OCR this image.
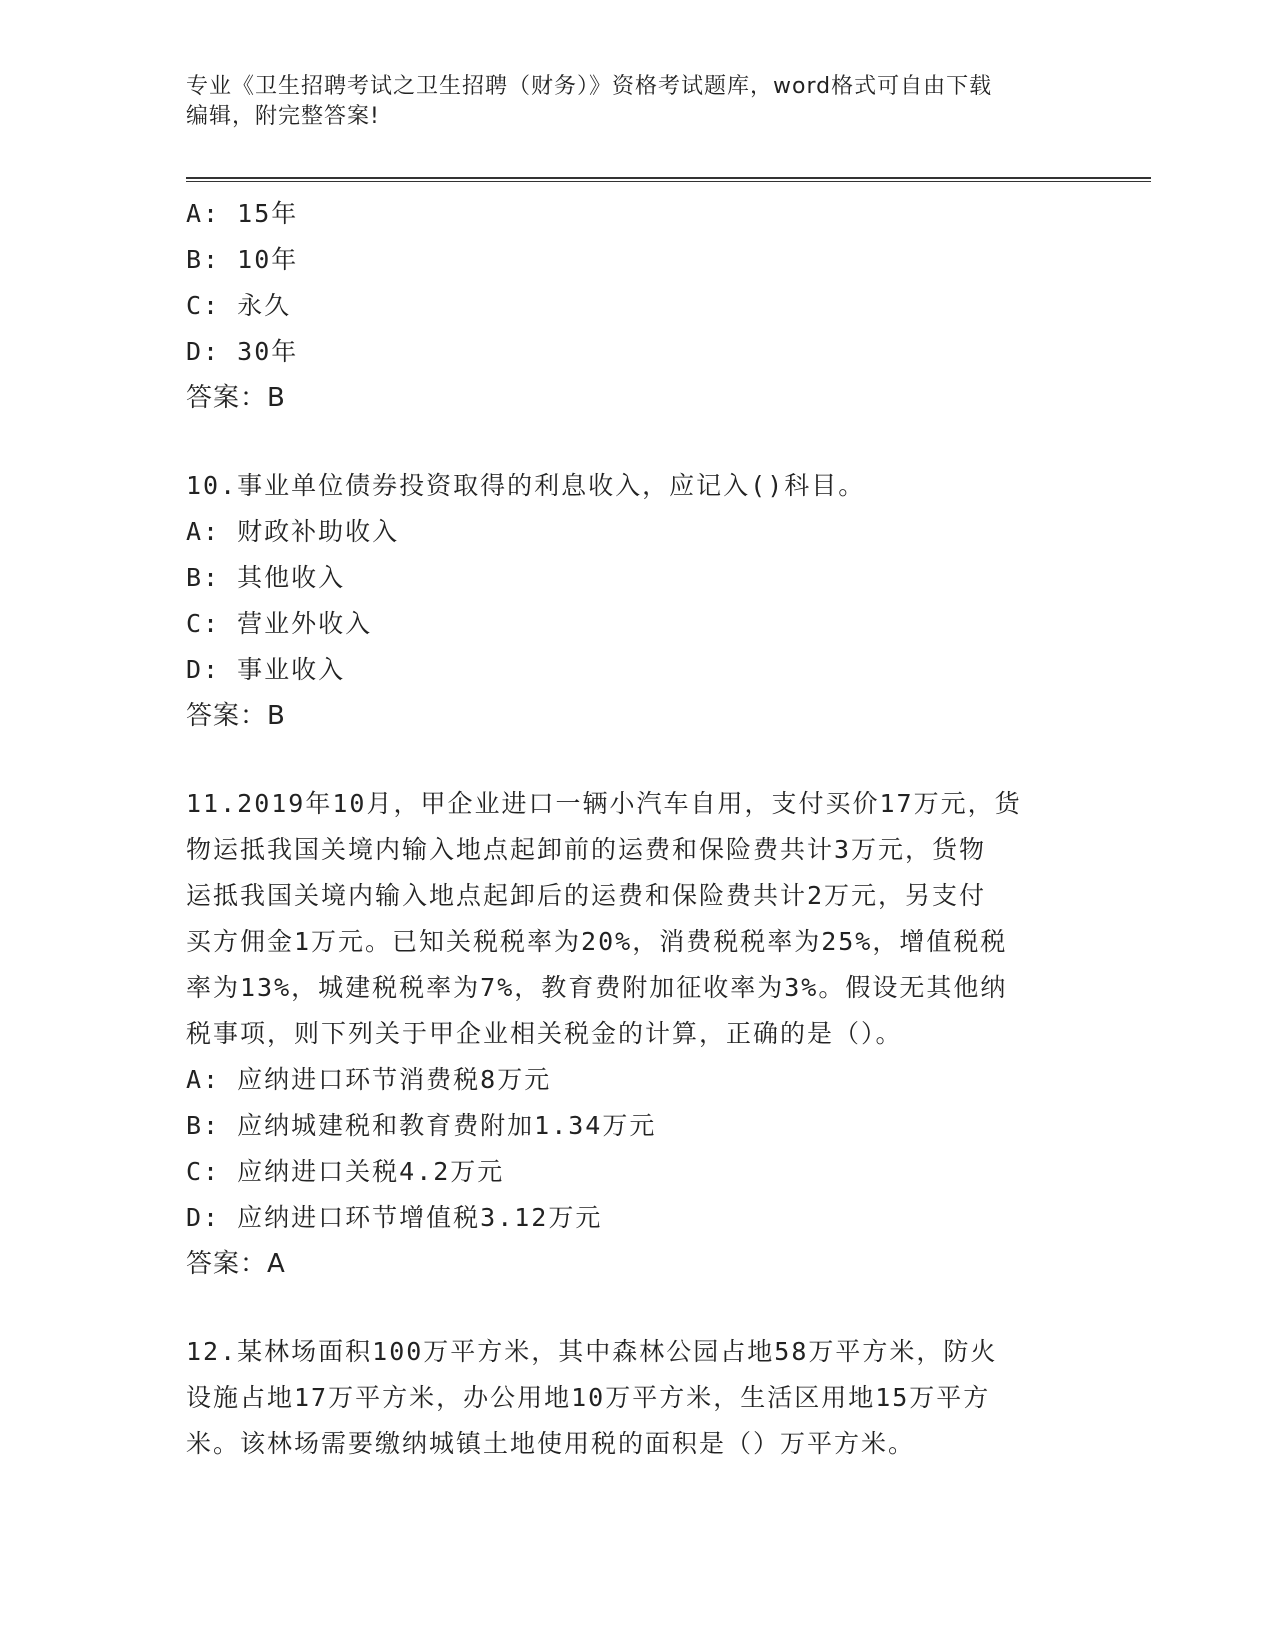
专业《卫生招聘考试之卫生招聘（财务）》资格考试题库，word格式可自由下载
编辑，附完整答案!
A: 15年
B: 10年
C: 永久
D: 30年
答案：B

10.事业单位债券投资取得的利息收入，应记入()科目。

A: 财政补助收入
B: 其他收入
C: 营业外收入
D: 事业收入
答案：B

11.2019年10月，甲企业进口一辆小汽车自用，支付买价17万元，货

物运抵我国关境内输入地点起卸前的运费和保险费共计3万元，货物

运抵我国关境内输入地点起卸后的运费和保险费共计2万元，另支付

买方佣金1万元。已知关税税率为20%，消费税税率为25%，增值税税

率为13%，城建税税率为7%，教育费附加征收率为3%。假设无其他纳

税事项，则下列关于甲企业相关税金的计算，正确的是（）。

A: 应纳进口环节消费税8万元
B: 应纳城建税和教育费附加1.34万元
C: 应纳进口关税4.2万元
D: 应纳进口环节增值税3.12万元
答案：A

12.某林场面积100万平方米，其中森林公园占地58万平方米，防火

设施占地17万平方米，办公用地10万平方米，生活区用地15万平方

米。该林场需要缴纳城镇土地使用税的面积是（）万平方米。
